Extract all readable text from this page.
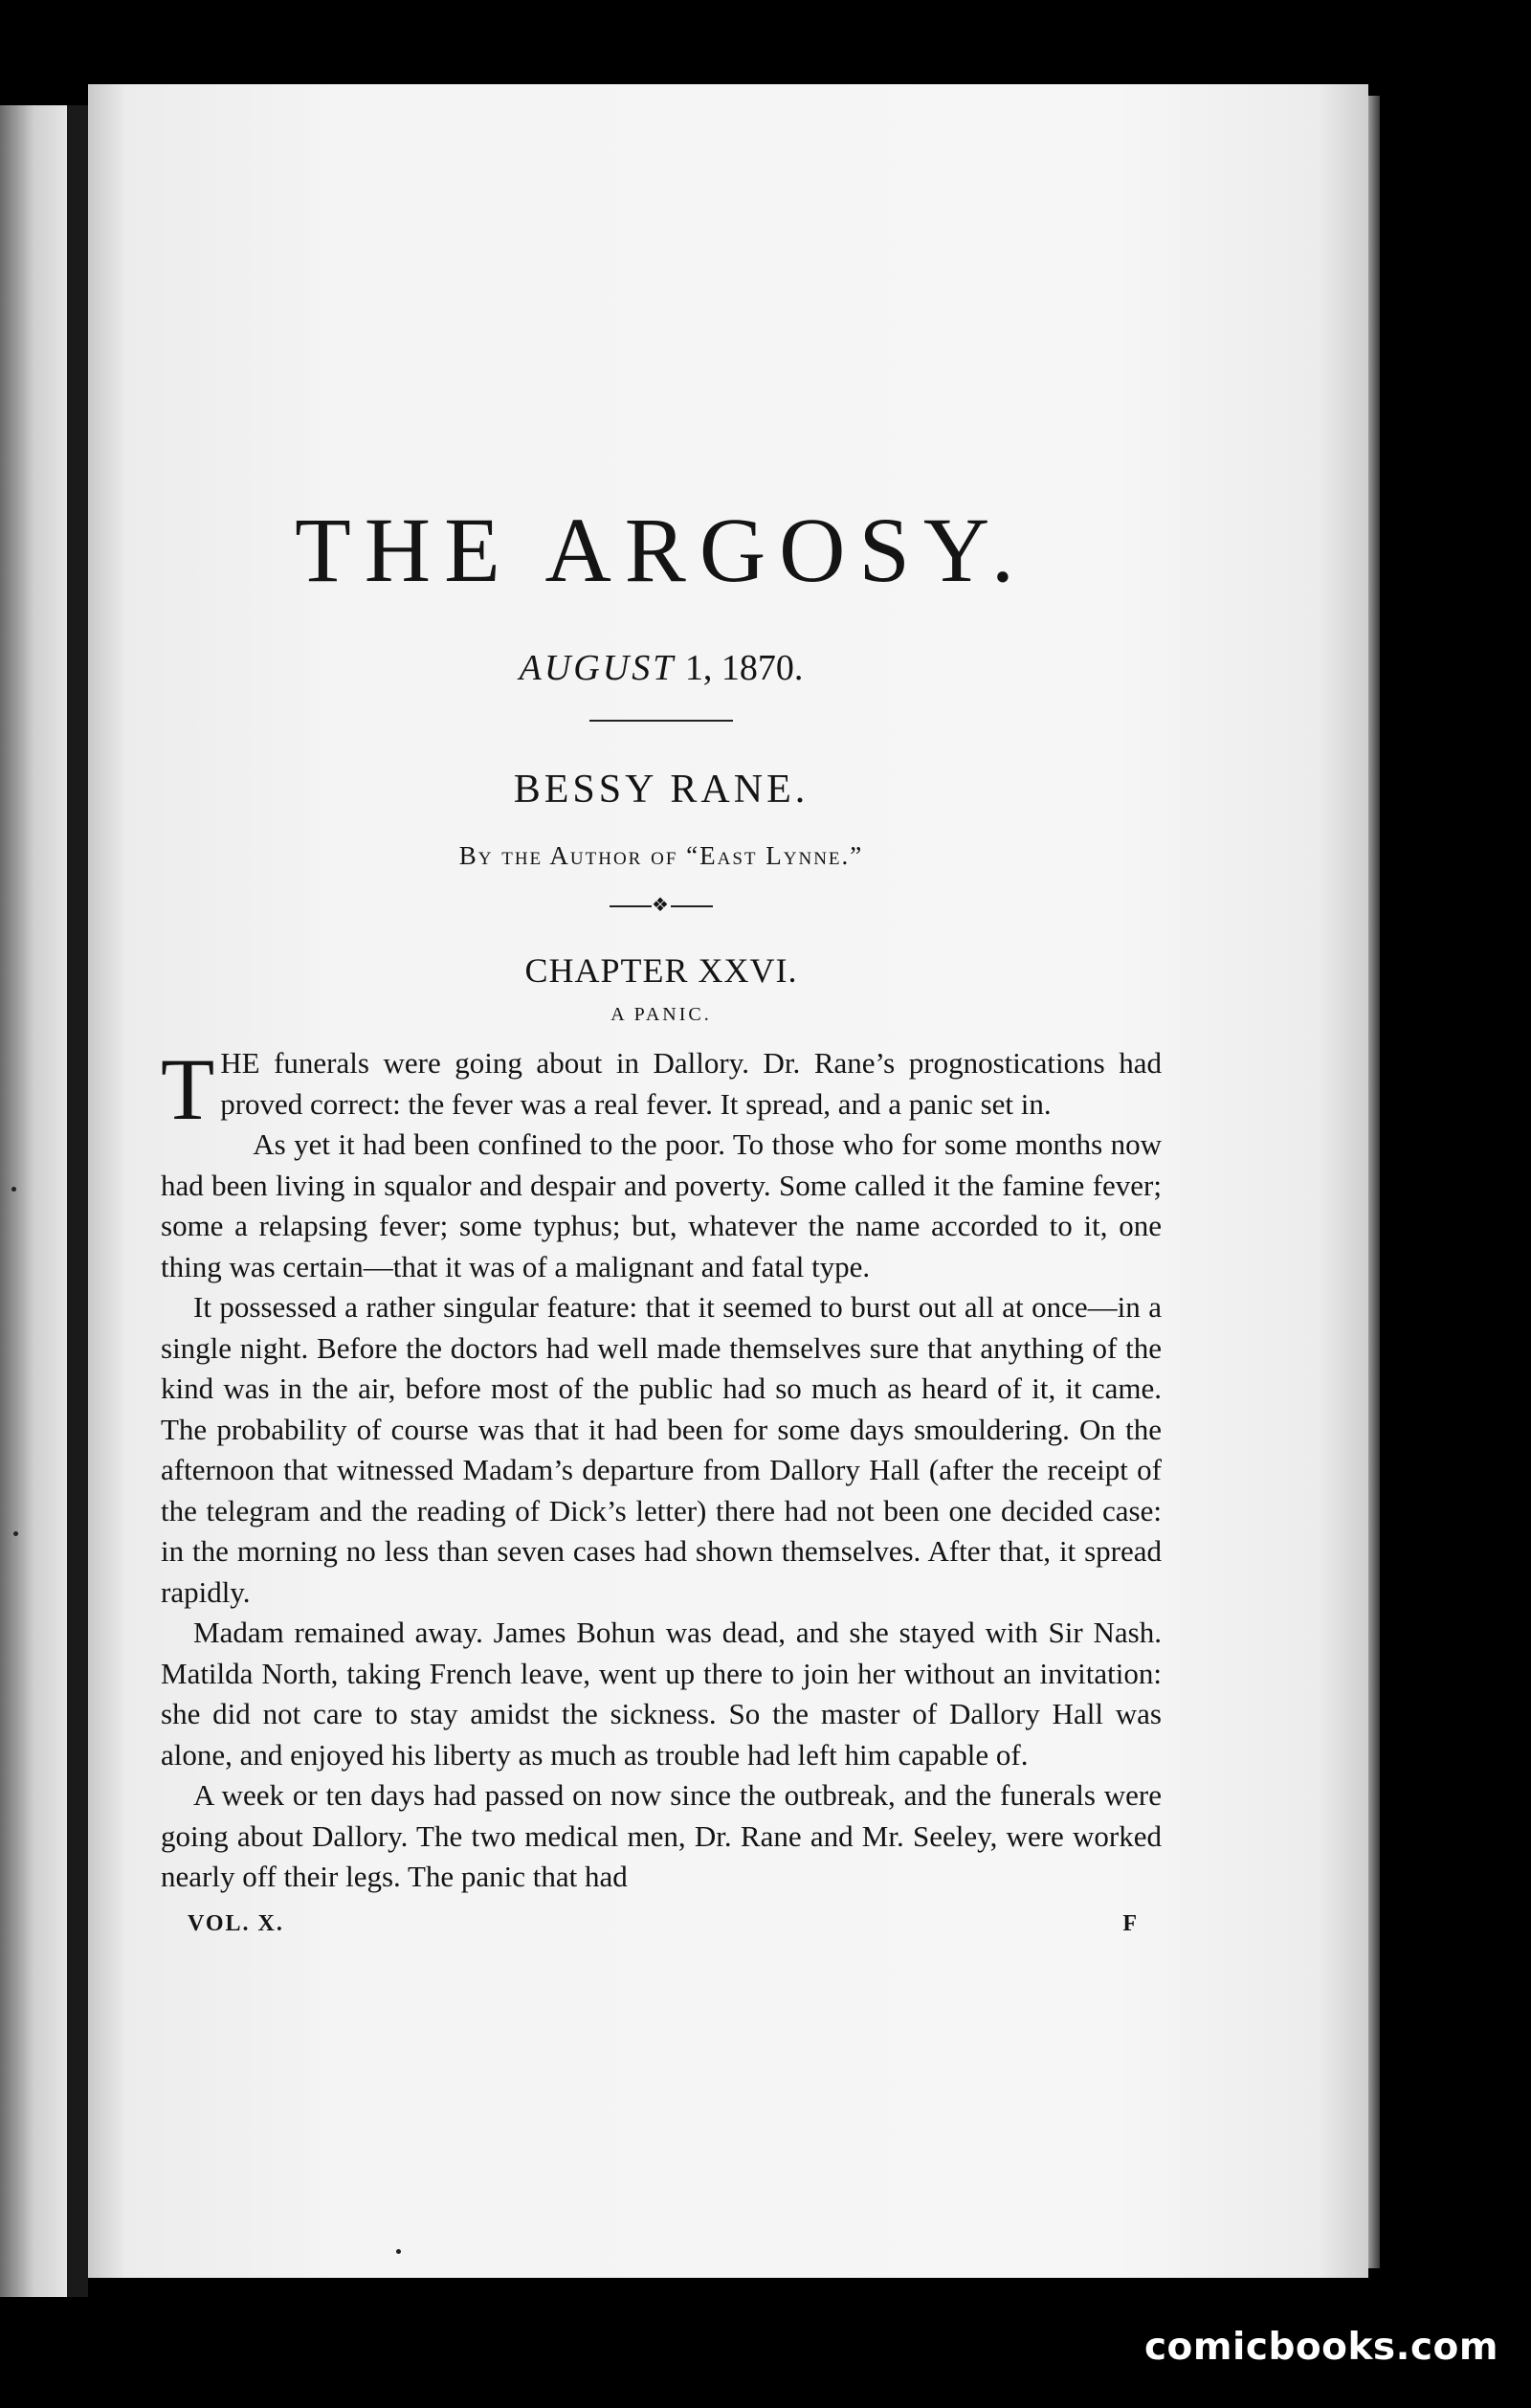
THE ARGOSY.
AUGUST 1, 1870.
BESSY RANE.
By the Author of “East Lynne.”
❖
CHAPTER XXVI.
A PANIC.

THE funerals were going about in Dallory. Dr. Rane’s prognostications had proved correct: the fever was a real fever. It spread, and a panic set in.

As yet it had been confined to the poor. To those who for some months now had been living in squalor and despair and poverty. Some called it the famine fever; some a relapsing fever; some typhus; but, whatever the name accorded to it, one thing was certain—that it was of a malignant and fatal type.

It possessed a rather singular feature: that it seemed to burst out all at once—in a single night. Before the doctors had well made themselves sure that anything of the kind was in the air, before most of the public had so much as heard of it, it came. The probability of course was that it had been for some days smouldering. On the afternoon that witnessed Madam’s departure from Dallory Hall (after the receipt of the telegram and the reading of Dick’s letter) there had not been one decided case: in the morning no less than seven cases had shown themselves. After that, it spread rapidly.

Madam remained away. James Bohun was dead, and she stayed with Sir Nash. Matilda North, taking French leave, went up there to join her without an invitation: she did not care to stay amidst the sickness. So the master of Dallory Hall was alone, and enjoyed his liberty as much as trouble had left him capable of.

A week or ten days had passed on now since the outbreak, and the funerals were going about Dallory. The two medical men, Dr. Rane and Mr. Seeley, were worked nearly off their legs. The panic that had

VOL. X.	F
comicbooks.com
